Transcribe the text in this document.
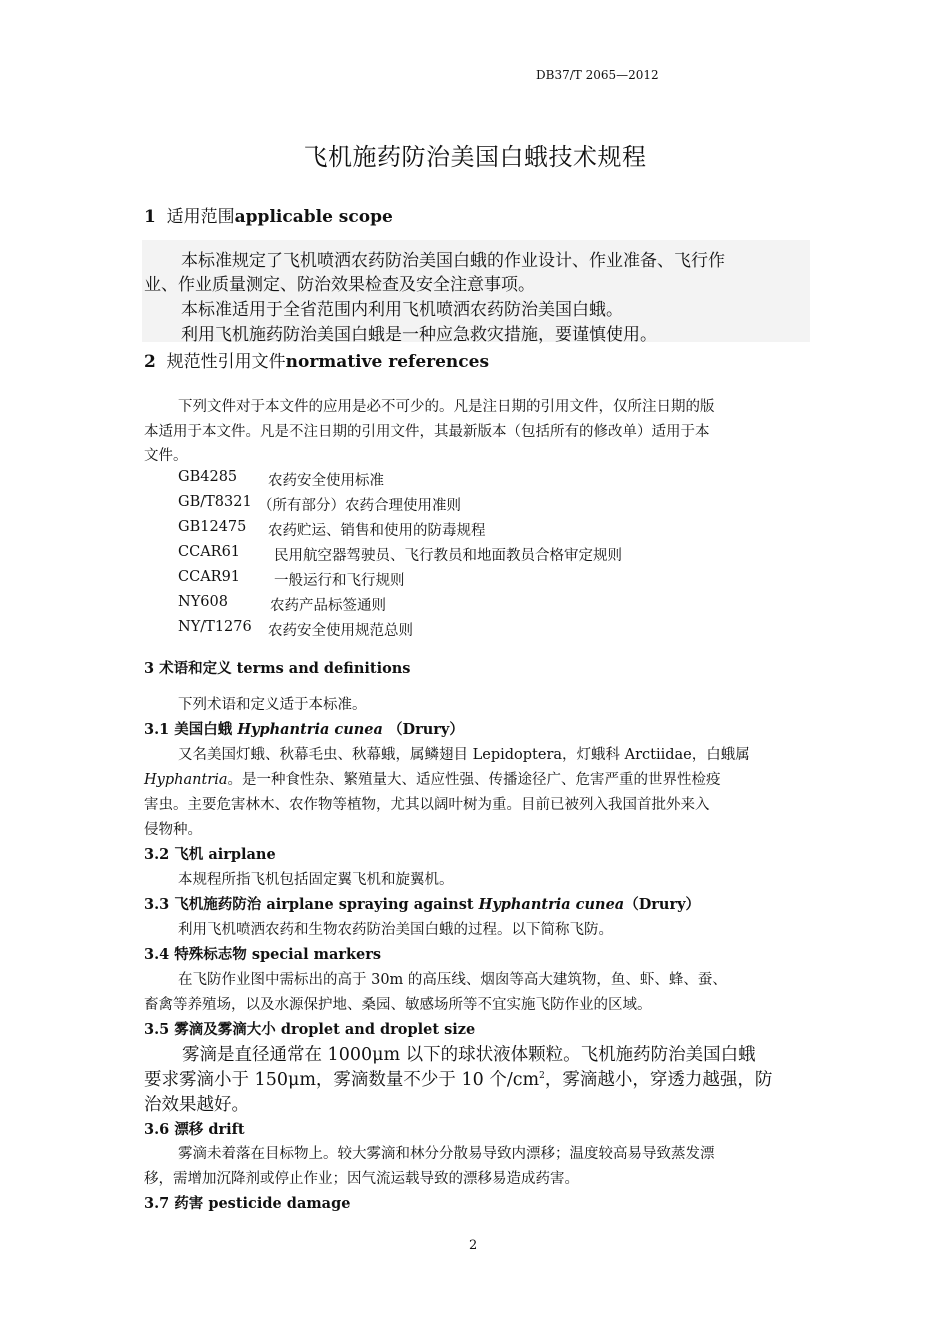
DB37/T 2065—2012
飞机施药防治美国白蛾技术规程
1 适用范围applicable scope
本标准规定了飞机喷洒农药防治美国白蛾的作业设计、作业准备、飞行作
业、作业质量测定、防治效果检查及安全注意事项。
本标准适用于全省范围内利用飞机喷洒农药防治美国白蛾。
利用飞机施药防治美国白蛾是一种应急救灾措施，要谨慎使用。
2 规范性引用文件normative references
下列文件对于本文件的应用是必不可少的。凡是注日期的引用文件，仅所注日期的版
本适用于本文件。凡是不注日期的引用文件，其最新版本（包括所有的修改单）适用于本
文件。
GB4285 农药安全使用标准
GB/T8321 （所有部分）农药合理使用准则
GB12475 农药贮运、销售和使用的防毒规程
CCAR61 民用航空器驾驶员、飞行教员和地面教员合格审定规则
CCAR91 一般运行和飞行规则
NY608	农药产品标签通则
NY/T1276 农药安全使用规范总则
3 术语和定义 terms and definitions
下列术语和定义适于本标准。
3.1 美国白蛾 Hyphantria cunea （Drury）
又名美国灯蛾、秋幕毛虫、秋幕蛾，属鳞翅目 Lepidoptera，灯蛾科 Arctiidae，白蛾属
Hyphantria。是一种食性杂、繁殖量大、适应性强、传播途径广、危害严重的世界性检疫
害虫。主要危害林木、农作物等植物，尤其以阔叶树为重。目前已被列入我国首批外来入
侵物种。
3.2 飞机 airplane
本规程所指飞机包括固定翼飞机和旋翼机。
3.3 飞机施药防治 airplane spraying against Hyphantria cunea（Drury）
利用飞机喷洒农药和生物农药防治美国白蛾的过程。以下简称飞防。
3.4 特殊标志物 special markers
在飞防作业图中需标出的高于 30m 的高压线、烟囱等高大建筑物，鱼、虾、蜂、蚕、
畜禽等养殖场，以及水源保护地、桑园、敏感场所等不宜实施飞防作业的区域。
3.5 雾滴及雾滴大小 droplet and droplet size
雾滴是直径通常在 1000μm 以下的球状液体颗粒。飞机施药防治美国白蛾
要求雾滴小于 150μm，雾滴数量不少于 10 个$/cm^2$，雾滴越小，穿透力越强，防
治效果越好。
3.6 漂移 drift
雾滴未着落在目标物上。较大雾滴和林分分散易导致内漂移；温度较高易导致蒸发漂
移，需增加沉降剂或停止作业；因气流运载导致的漂移易造成药害。
3.7 药害 pesticide damage
2
